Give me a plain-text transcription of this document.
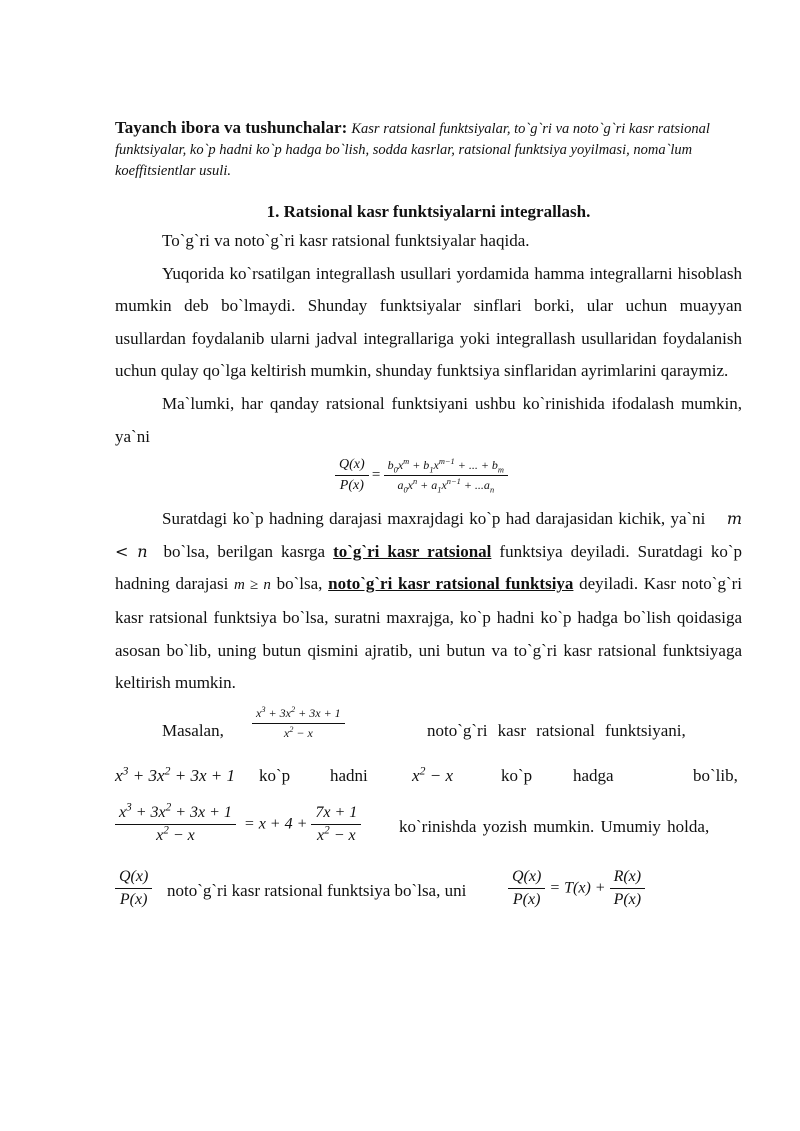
Tayanch ibora va tushunchalar: Kasr ratsional funktsiyalar, to`g`ri va noto`g`ri kasr ratsional funktsiyalar, ko`p hadni ko`p hadga bo`lish, sodda kasrlar, ratsional funktsiya yoyilmasi, noma`lum koeffitsientlar usuli.

1. Ratsional kasr funktsiyalarni integrallash.

To`g`ri va noto`g`ri kasr ratsional funktsiyalar haqida.

Yuqorida ko`rsatilgan integrallash usullari yordamida hamma integrallarni hisoblash mumkin deb bo`lmaydi. Shunday funktsiyalar sinflari borki, ular uchun muayyan usullardan foydalanib ularni jadval integrallariga yoki integrallash usullaridan foydalanish uchun qulay qo`lga keltirish mumkin, shunday funktsiya sinflaridan ayrimlarini qaraymiz.

Ma`lumki, har qanday ratsional funktsiyani ushbu ko`rinishida ifodalash mumkin, ya`ni

$\frac{Q(x)}{P(x)} = \frac{b_0x^m + b_1x^{m-1} + ... + b_m}{a_0x^n + a_1x^{n-1} + ...a_n}$

Suratdagi ko`p hadning darajasi maxrajdagi ko`p had darajasidan kichik, ya`ni m < n bo`lsa, berilgan kasrga to`g`ri kasr ratsional funktsiya deyiladi. Suratdagi ko`p hadning darajasi m ≥ n bo`lsa, noto`g`ri kasr ratsional funktsiya deyiladi. Kasr noto`g`ri kasr ratsional funktsiya bo`lsa, suratni maxrajga, ko`p hadni ko`p hadga bo`lish qoidasiga asosan bo`lib, uning butun qismini ajratib, uni butun va to`g`ri kasr ratsional funktsiyaga keltirish mumkin.

Masalan, $\frac{x^3 + 3x^2 + 3x + 1}{x^2 - x}$	noto`g`ri kasr ratsional funktsiyani,
$x^3 + 3x^2 + 3x + 1$ ko`p hadni	$x^2 - x$	ko`p hadga	bo`lib,
$\frac{x^3 + 3x^2 + 3x + 1}{x^2 - x} = x + 4 + \frac{7x + 1}{x^2 - x}$ ko`rinishda yozish mumkin. Umumiy holda,
$\frac{Q(x)}{P(x)}$ noto`g`ri kasr ratsional funktsiya bo`lsa, uni	$\frac{Q(x)}{P(x)} = T(x) + \frac{R(x)}{P(x)}$
